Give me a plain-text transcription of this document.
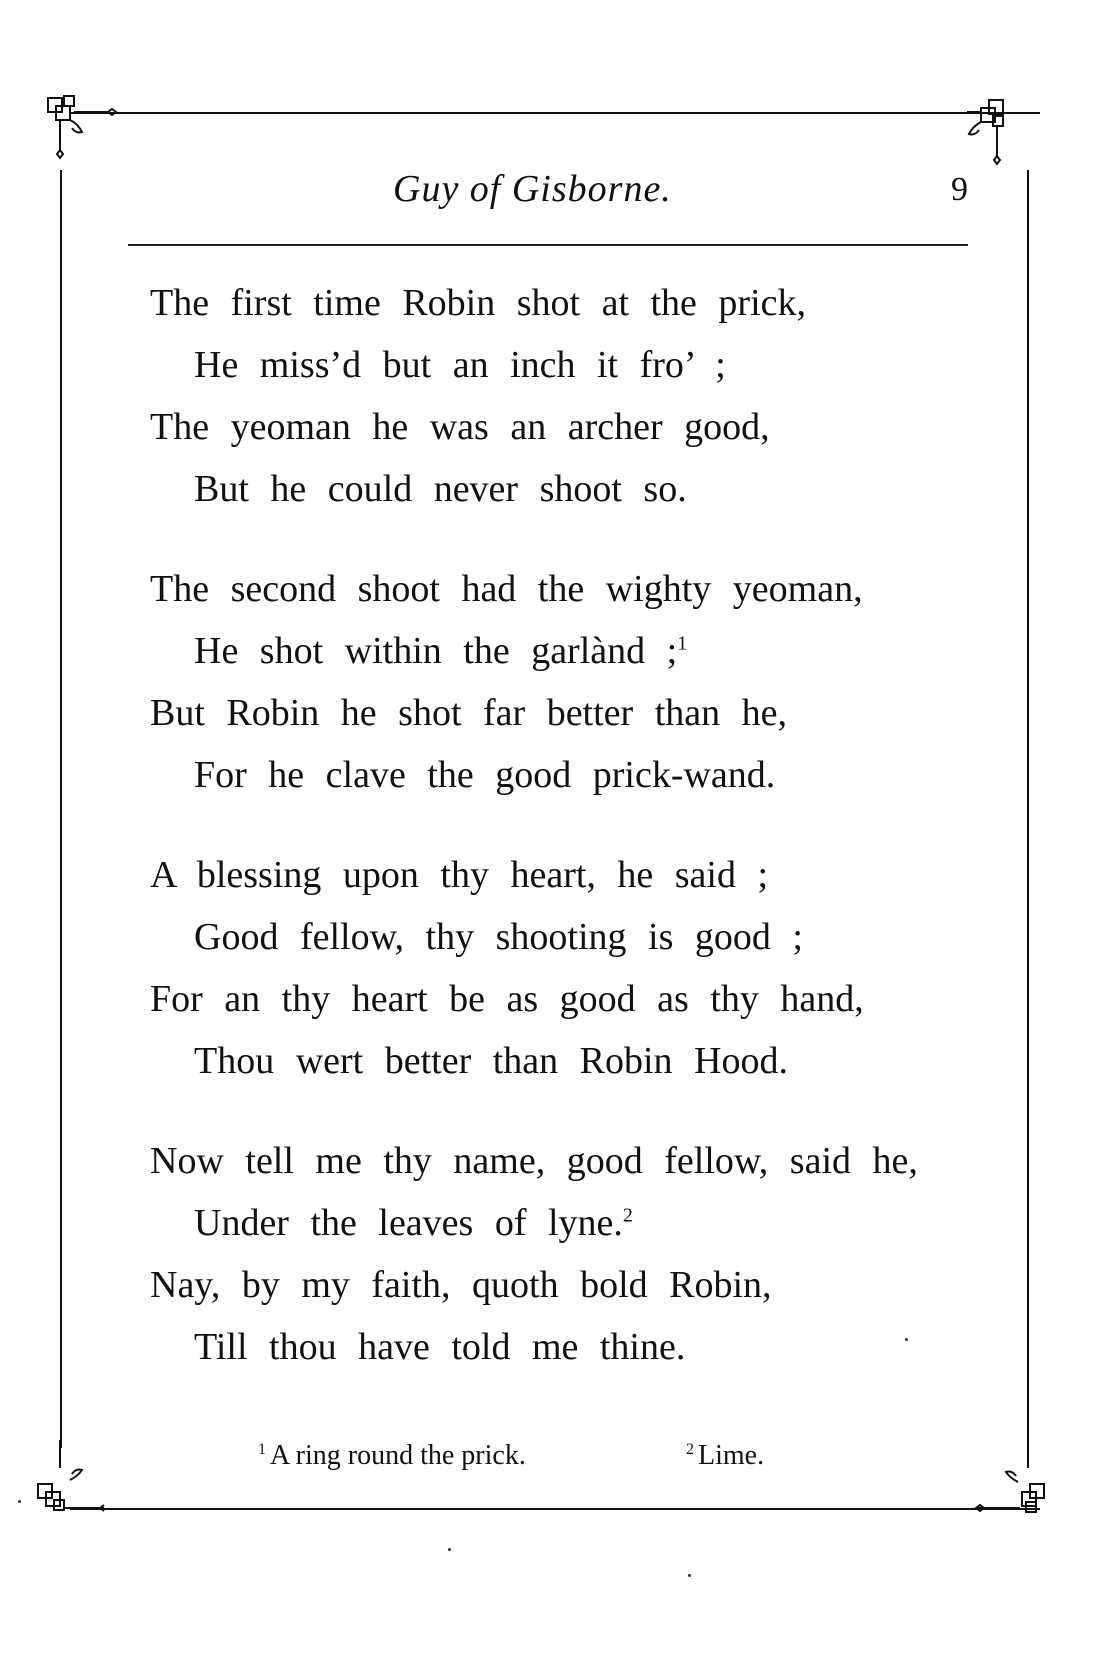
Guy of Gisborne.	9
The first time Robin shot at the prick,
He miss’d but an inch it fro’ ;
The yeoman he was an archer good,
But he could never shoot so.
The second shoot had the wighty yeoman,
He shot within the garlànd ;$^1$
But Robin he shot far better than he,
For he clave the good prick-wand.
A blessing upon thy heart, he said ;
Good fellow, thy shooting is good ;
For an thy heart be as good as thy hand,
Thou wert better than Robin Hood.
Now tell me thy name, good fellow, said he,
Under the leaves of lyne.$^2$
Nay, by my faith, quoth bold Robin,
Till thou have told me thine.
$^1$ A ring round the prick.	$^2$ Lime.
